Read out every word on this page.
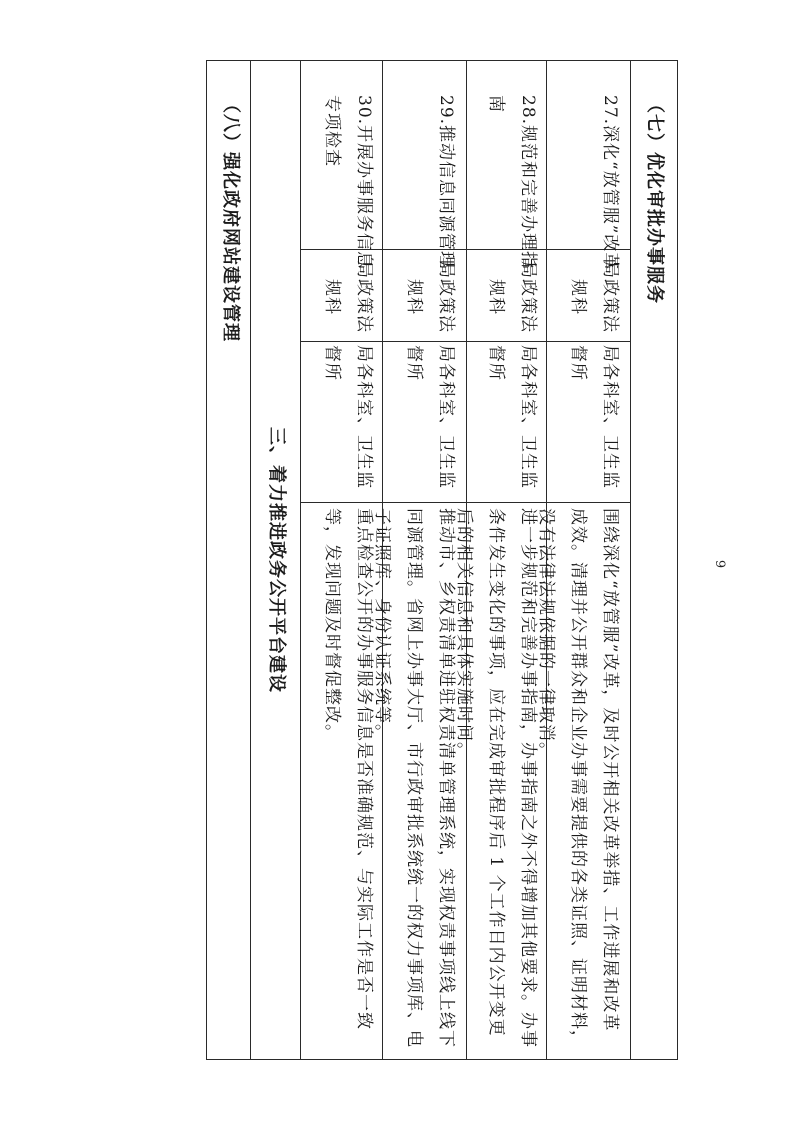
9
（七）优化审批办事服务
27.深化“放管服”改革
局政策法规科
局各科室、卫生监督所
围绕深化“放管服”改革，及时公开相关改革举措、工作进展和改革成效。清理并公开群众和企业办事需要提供的各类证照、证明材料，没有法律法规依据的一律取消。
28.规范和完善办理指南
局政策法规科
局各科室、卫生监督所
进一步规范和完善办事指南，办事指南之外不得增加其他要求。办事条件发生变化的事项，应在完成审批程序后 1 个工作日内公开变更后的相关信息和具体实施时间。
29.推动信息同源管理
局政策法规科
局各科室、卫生监督所
推动市、乡权责清单进驻权责清单管理系统，实现权责事项线上线下同源管理。省网上办事大厅、市行政审批系统统一的权力事项库、电子证照库、身份认证系统等。
30.开展办事服务信息专项检查
局政策法规科
局各科室、卫生监督所
重点检查公开的办事服务信息是否准确规范、与实际工作是否一致等，发现问题及时督促整改。
三、着力推进政务公开平台建设
（八）强化政府网站建设管理
